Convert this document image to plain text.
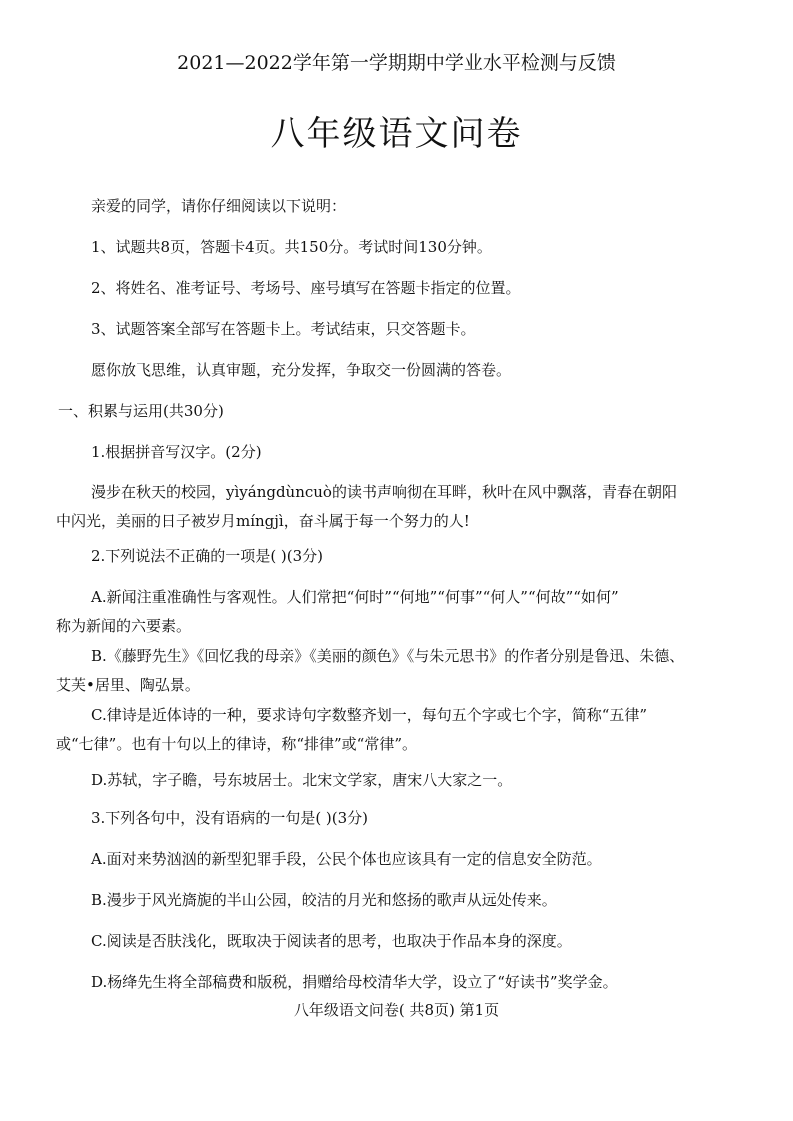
2021—2022学年第一学期期中学业水平检测与反馈
八年级语文问卷
亲爱的同学，请你仔细阅读以下说明：
1、试题共8页，答题卡4页。共150分。考试时间130分钟。
2、将姓名、准考证号、考场号、座号填写在答题卡指定的位置。
3、试题答案全部写在答题卡上。考试结束，只交答题卡。
愿你放飞思维，认真审题，充分发挥，争取交一份圆满的答卷。
一、积累与运用(共30分)
1.根据拼音写汉字。(2分)
漫步在秋天的校园，yìyángdùncuò的读书声响彻在耳畔，秋叶在风中飘落，青春在朝阳
中闪光，美丽的日子被岁月míngjì，奋斗属于每一个努力的人!
2.下列说法不正确的一项是( )(3分)
A.新闻注重准确性与客观性。人们常把“何时”“何地”“何事”“何人”“何故”“如何”
称为新闻的六要素。
B.《藤野先生》《回忆我的母亲》《美丽的颜色》《与朱元思书》的作者分别是鲁迅、朱德、
艾芙•居里、陶弘景。
C.律诗是近体诗的一种，要求诗句字数整齐划一，每句五个字或七个字，简称“五律”
或“七律”。也有十句以上的律诗，称“排律”或“常律”。
D.苏轼，字子瞻，号东坡居士。北宋文学家，唐宋八大家之一。
3.下列各句中，没有语病的一句是( )(3分)
A.面对来势汹汹的新型犯罪手段，公民个体也应该具有一定的信息安全防范。
B.漫步于风光旖旎的半山公园，皎洁的月光和悠扬的歌声从远处传来。
C.阅读是否肤浅化，既取决于阅读者的思考，也取决于作品本身的深度。
D.杨绛先生将全部稿费和版税，捐赠给母校清华大学，设立了“好读书”奖学金。
八年级语文问卷( 共8页) 第1页
